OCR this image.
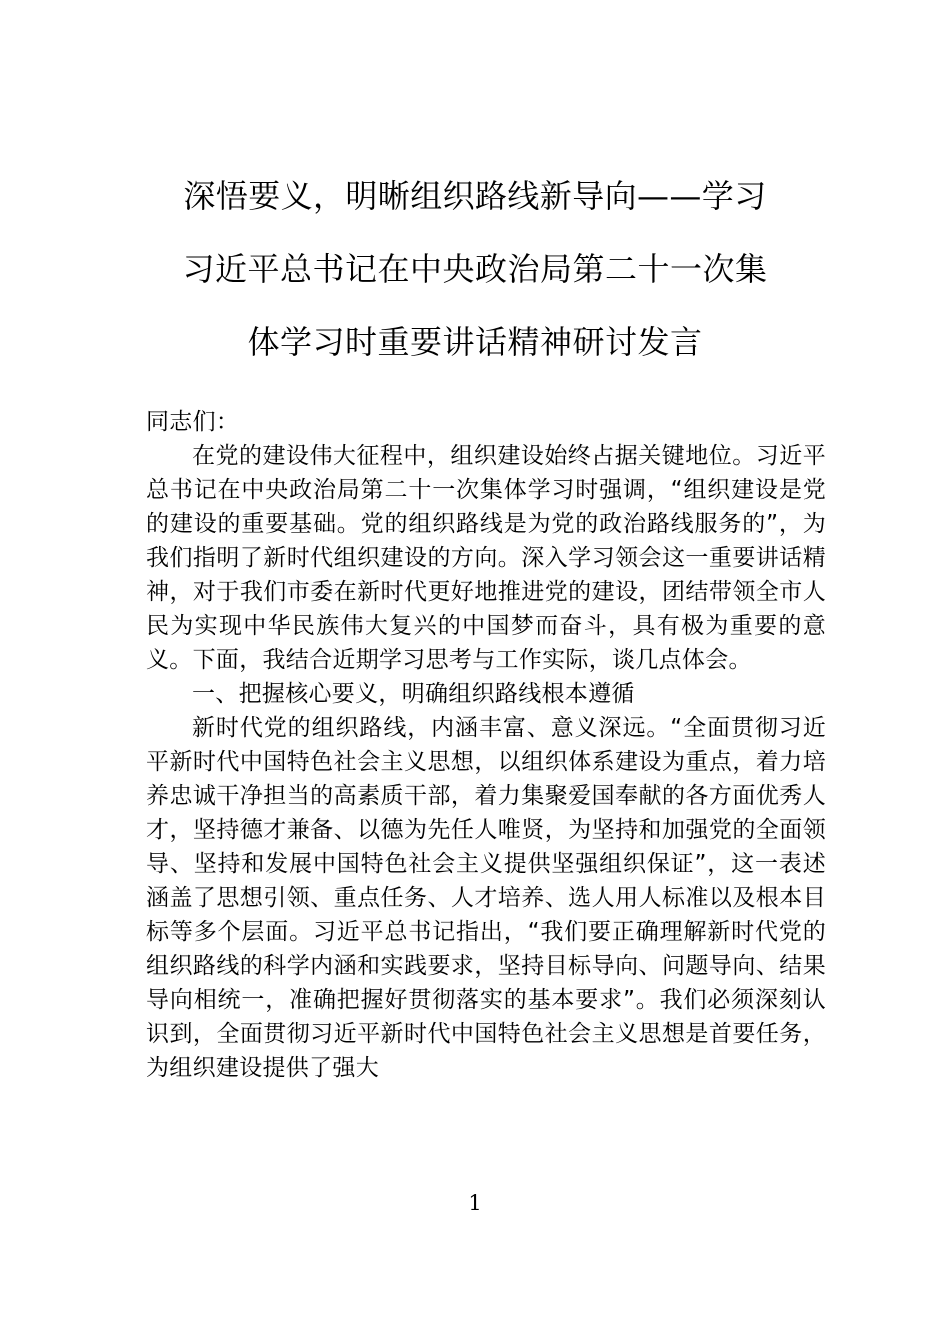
深悟要义，明晰组织路线新导向——学习
习近平总书记在中央政治局第二十一次集
体学习时重要讲话精神研讨发言

同志们：

在党的建设伟大征程中，组织建设始终占据关键地位。习近平总书记在中央政治局第二十一次集体学习时强调，“组织建设是党的建设的重要基础。党的组织路线是为党的政治路线服务的”，为我们指明了新时代组织建设的方向。深入学习领会这一重要讲话精神，对于我们市委在新时代更好地推进党的建设，团结带领全市人民为实现中华民族伟大复兴的中国梦而奋斗，具有极为重要的意义。下面，我结合近期学习思考与工作实际，谈几点体会。

一、把握核心要义，明确组织路线根本遵循

新时代党的组织路线，内涵丰富、意义深远。“全面贯彻习近平新时代中国特色社会主义思想，以组织体系建设为重点，着力培养忠诚干净担当的高素质干部，着力集聚爱国奉献的各方面优秀人才，坚持德才兼备、以德为先任人唯贤，为坚持和加强党的全面领导、坚持和发展中国特色社会主义提供坚强组织保证”，这一表述涵盖了思想引领、重点任务、人才培养、选人用人标准以及根本目标等多个层面。习近平总书记指出，“我们要正确理解新时代党的组织路线的科学内涵和实践要求，坚持目标导向、问题导向、结果导向相统一，准确把握好贯彻落实的基本要求”。我们必须深刻认识到，全面贯彻习近平新时代中国特色社会主义思想是首要任务，为组织建设提供了强大

1
